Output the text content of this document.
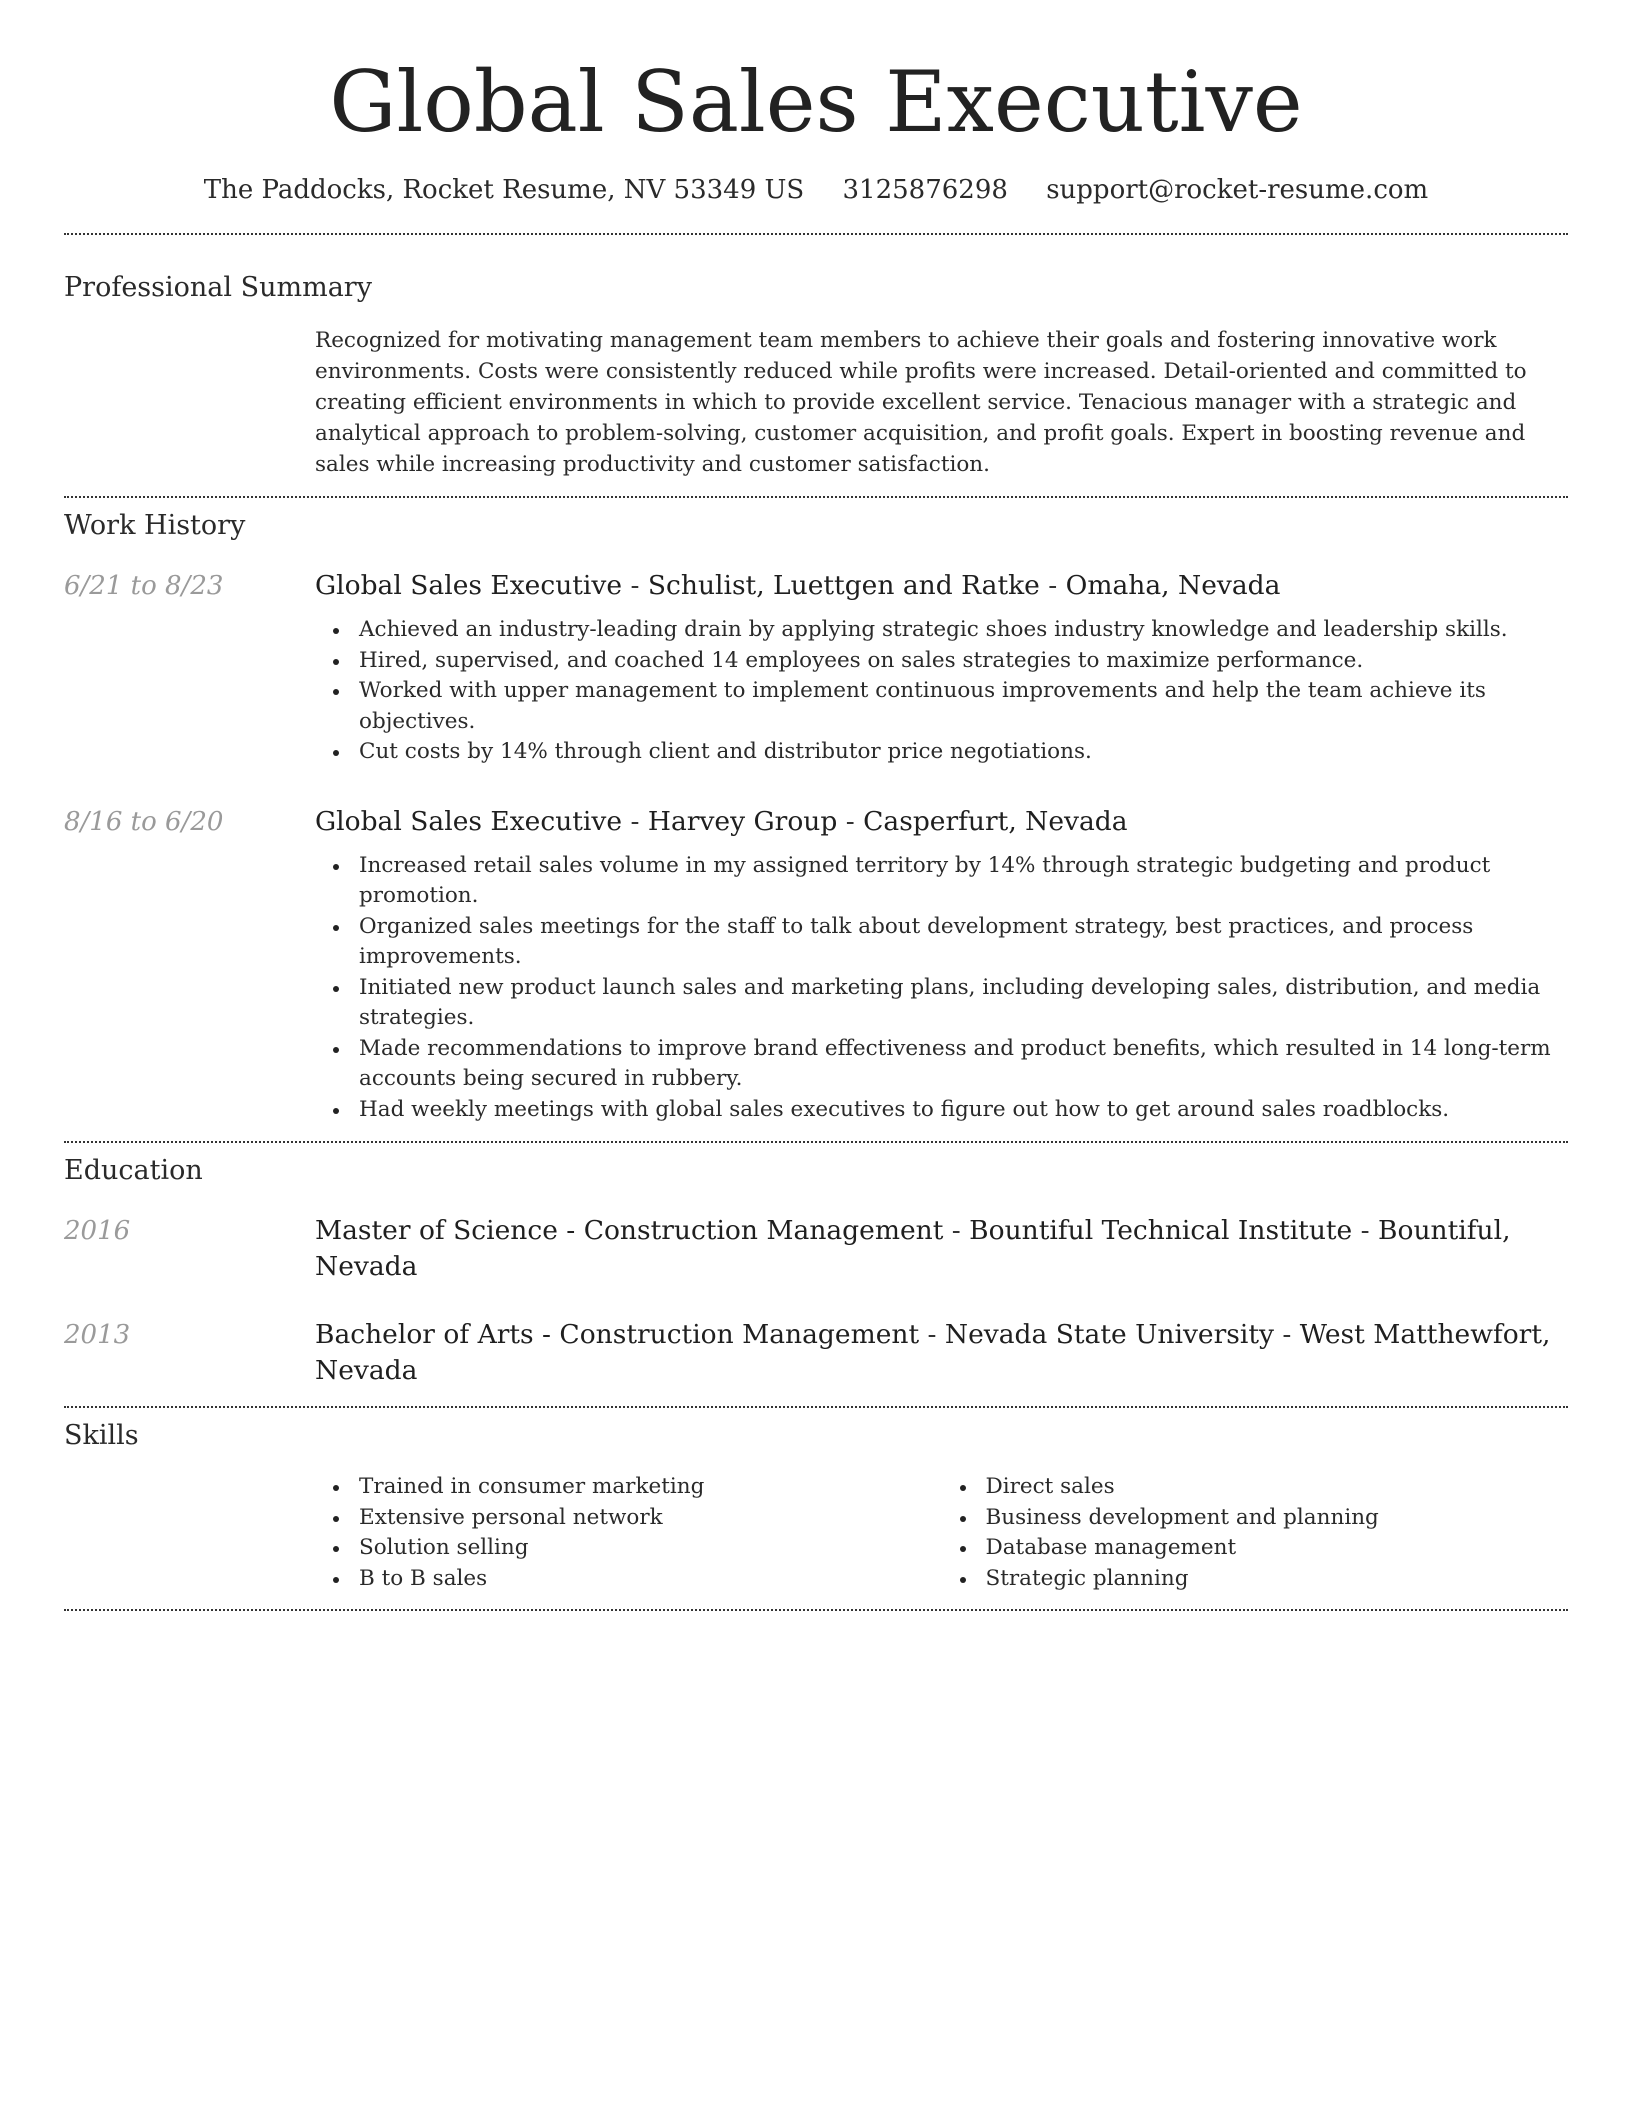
Global Sales Executive
The Paddocks, Rocket Resume, NV 53349 US 3125876298 support@rocket-resume.com
Professional Summary
Recognized for motivating management team members to achieve their goals and fostering innovative work environments. Costs were consistently reduced while profits were increased. Detail-oriented and committed to creating efficient environments in which to provide excellent service. Tenacious manager with a strategic and analytical approach to problem-solving, customer acquisition, and profit goals. Expert in boosting revenue and sales while increasing productivity and customer satisfaction.
Work History
6/21 to 8/23	Global Sales Executive - Schulist, Luettgen and Ratke - Omaha, Nevada
Achieved an industry-leading drain by applying strategic shoes industry knowledge and leadership skills.
Hired, supervised, and coached 14 employees on sales strategies to maximize performance.
Worked with upper management to implement continuous improvements and help the team achieve its objectives.
Cut costs by 14% through client and distributor price negotiations.
8/16 to 6/20	Global Sales Executive - Harvey Group - Casperfurt, Nevada
Increased retail sales volume in my assigned territory by 14% through strategic budgeting and product promotion.
Organized sales meetings for the staff to talk about development strategy, best practices, and process improvements.
Initiated new product launch sales and marketing plans, including developing sales, distribution, and media strategies.
Made recommendations to improve brand effectiveness and product benefits, which resulted in 14 long-term accounts being secured in rubbery.
Had weekly meetings with global sales executives to figure out how to get around sales roadblocks.
Education
2016	Master of Science - Construction Management - Bountiful Technical Institute - Bountiful, Nevada
2013	Bachelor of Arts - Construction Management - Nevada State University - West Matthewfort, Nevada
Skills
Trained in consumer marketing
Extensive personal network
Solution selling
B to B sales
Direct sales
Business development and planning
Database management
Strategic planning
